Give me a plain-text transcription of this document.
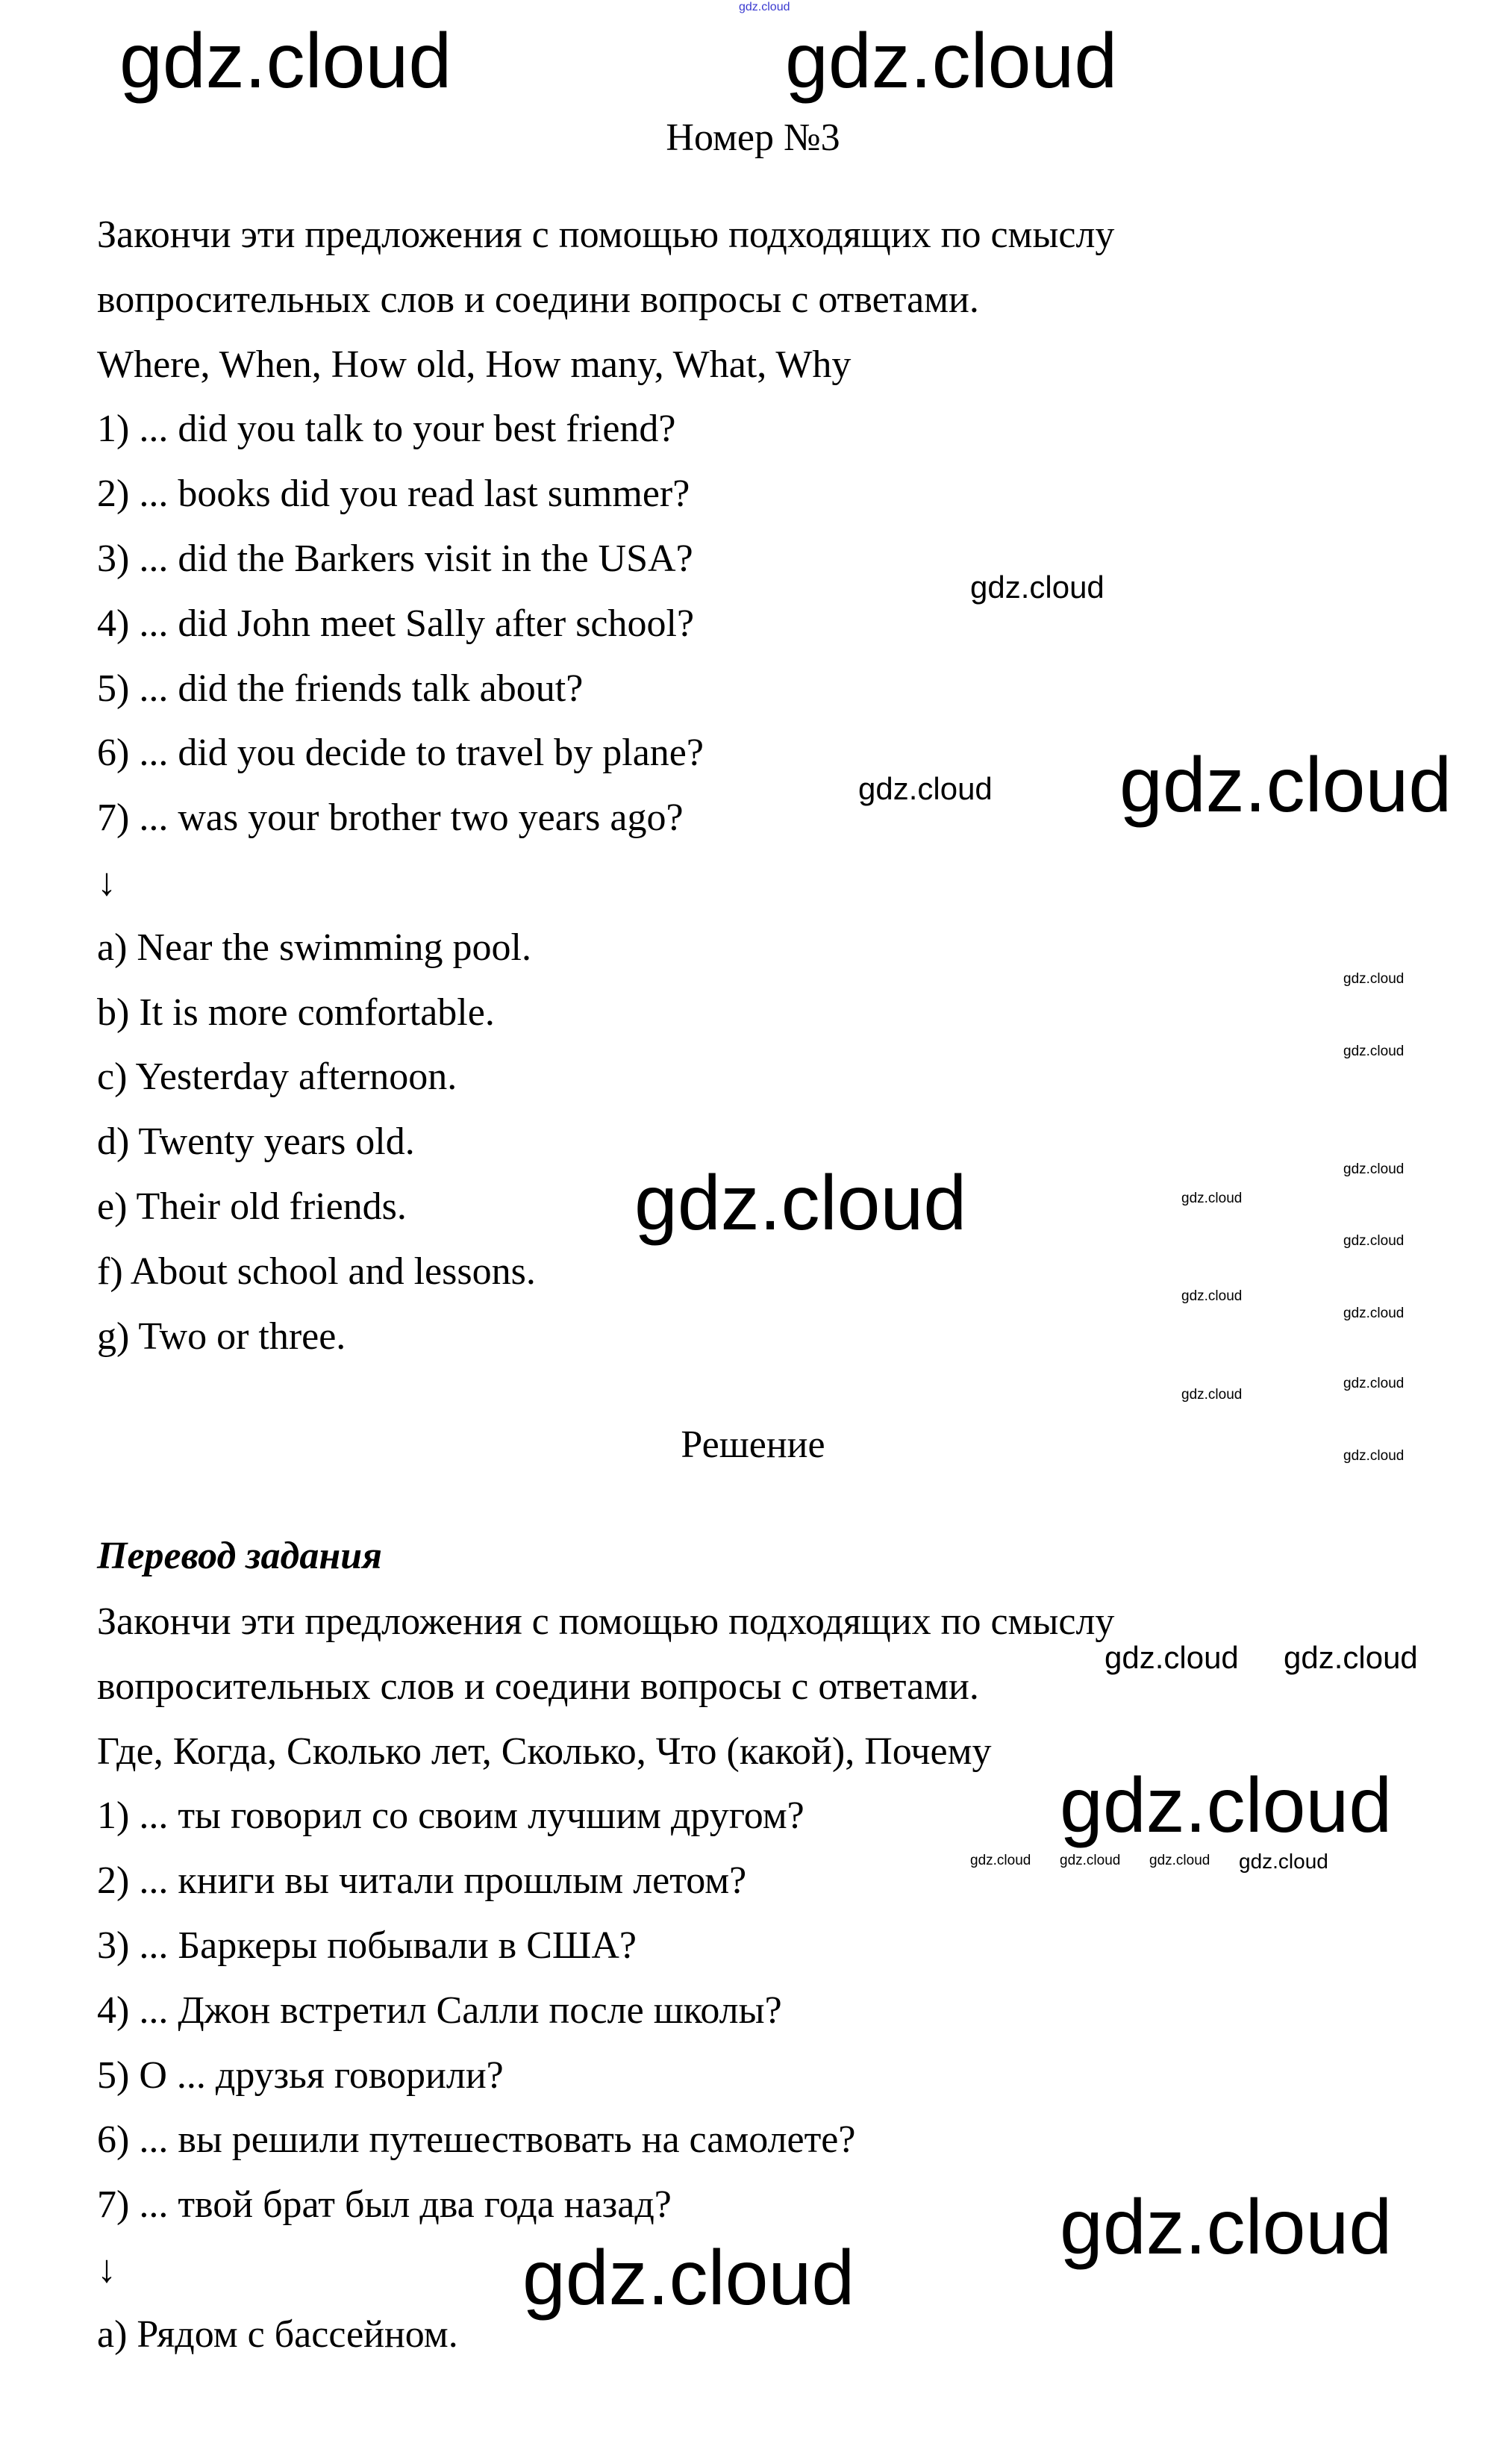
gdz.cloud
Номер №3
Закончи эти предложения с помощью подходящих по смыслу
вопросительных слов и соедини вопросы с ответами.
Where, When, How old, How many, What, Why
1) ... did you talk to your best friend?
2) ... books did you read last summer?
3) ... did the Barkers visit in the USA?
4) ... did John meet Sally after school?
5) ... did the friends talk about?
6) ... did you decide to travel by plane?
7) ... was your brother two years ago?
↓
a) Near the swimming pool.
b) It is more comfortable.
c) Yesterday afternoon.
d) Twenty years old.
e) Their old friends.
f) About school and lessons.
g) Two or three.
Решение
Перевод задания
Закончи эти предложения с помощью подходящих по смыслу
вопросительных слов и соедини вопросы с ответами.
Где, Когда, Сколько лет, Сколько, Что (какой), Почему
1) ... ты говорил со своим лучшим другом?
2) ... книги вы читали прошлым летом?
3) ... Баркеры побывали в США?
4) ... Джон встретил Салли после школы?
5) О ... друзья говорили?
6) ... вы решили путешествовать на самолете?
7) ... твой брат был два года назад?
↓
а) Рядом с бассейном.
gdz.cloud	gdz.cloud
gdz.cloud
gdz.cloud
gdz.cloud
gdz.cloud
gdz.cloud
gdz.cloud
gdz.cloud
gdz.cloud gdz.cloud
gdz.cloud
gdz.cloud
gdz.cloud
gdz.cloud
gdz.cloud
gdz.cloud
gdz.cloud
gdz.cloud
gdz.cloud
gdz.cloud
gdz.cloud
gdz.cloud gdz.cloud gdz.cloud
